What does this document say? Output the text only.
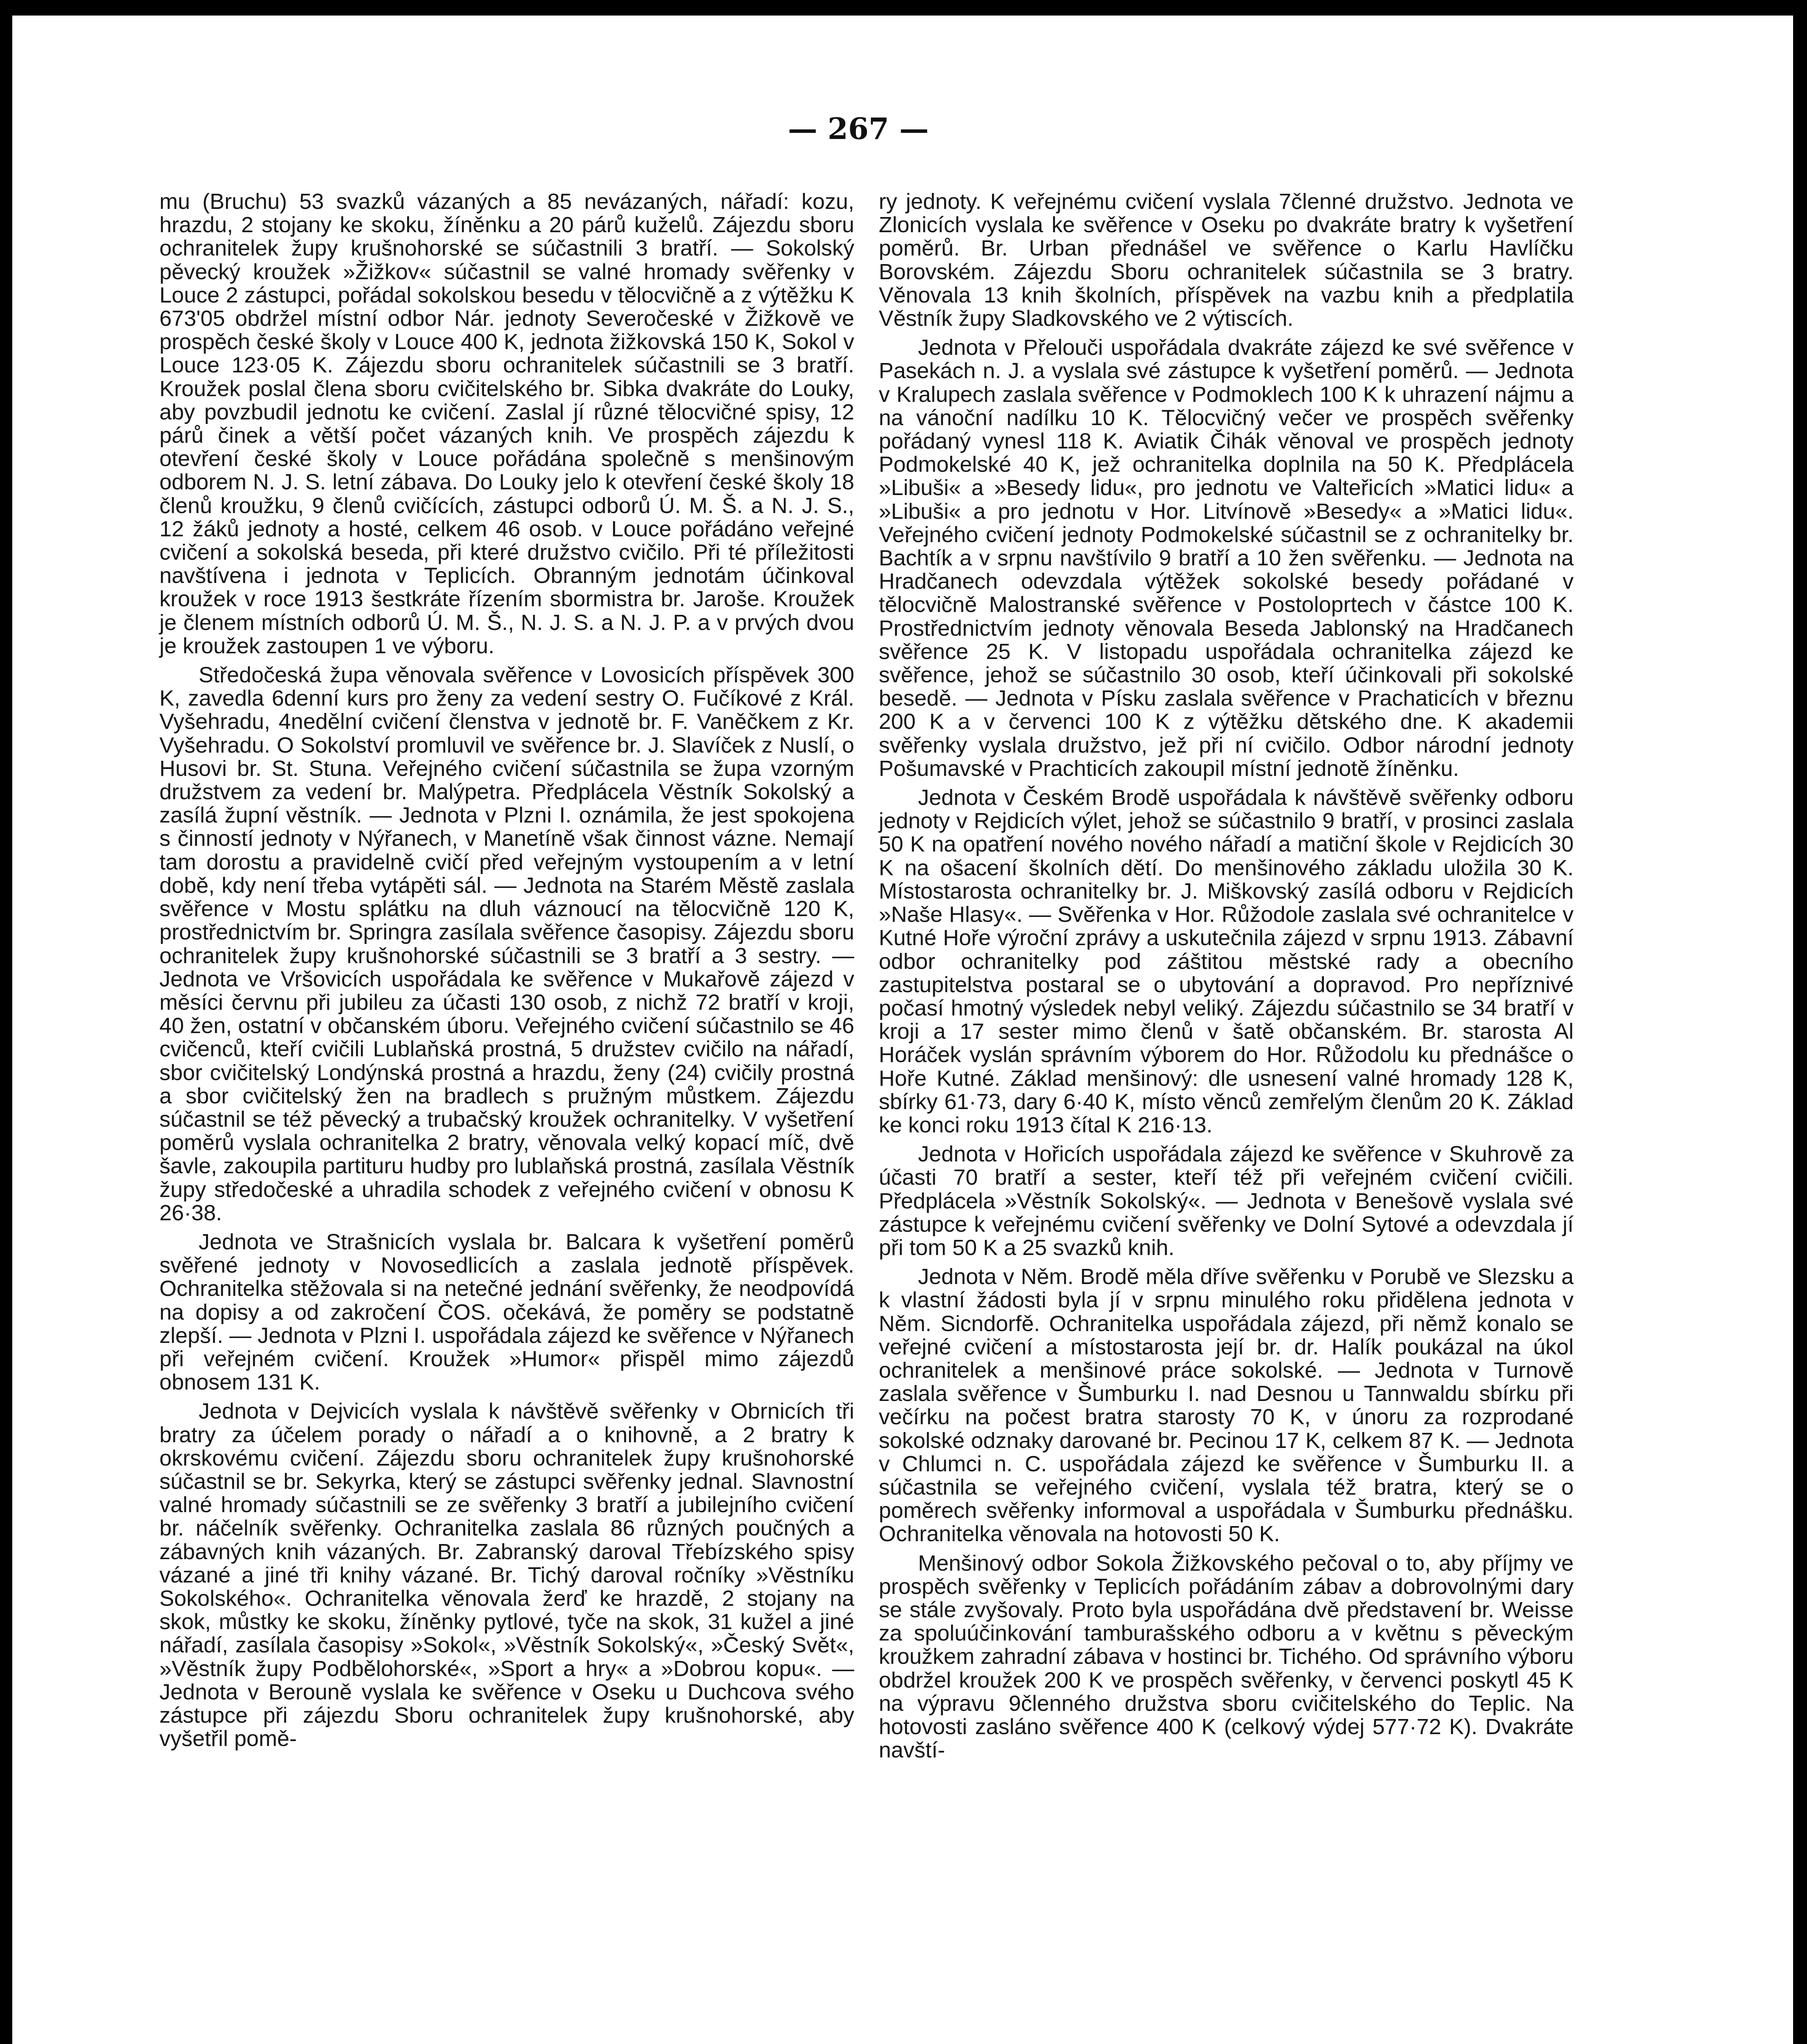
— 267 —

mu (Bruchu) 53 svazků vázaných a 85 nevázaných, nářadí: kozu, hrazdu, 2 stojany ke skoku, žíněnku a 20 párů kuželů. Zájezdu sboru ochranitelek župy krušnohorské se súčastnili 3 bratří. — Sokolský pěvecký kroužek »Žižkov« súčastnil se valné hromady svěřenky v Louce 2 zástupci, pořádal sokolskou besedu v tělocvičně a z výtěžku K 673'05 obdržel místní odbor Nár. jednoty Severočeské v Žižkově ve prospěch české školy v Louce 400 K, jednota žižkovská 150 K, Sokol v Louce 123·05 K. Zájezdu sboru ochranitelek súčastnili se 3 bratří. Kroužek poslal člena sboru cvičitelského br. Sibka dvakráte do Louky, aby povzbudil jednotu ke cvičení. Zaslal jí různé tělocvičné spisy, 12 párů činek a větší počet vázaných knih. Ve prospěch zájezdu k otevření české školy v Louce pořádána společně s menšinovým odborem N. J. S. letní zábava. Do Louky jelo k otevření české školy 18 členů kroužku, 9 členů cvičících, zástupci odborů Ú. M. Š. a N. J. S., 12 žáků jednoty a hosté, celkem 46 osob. v Louce pořádáno veřejné cvičení a sokolská beseda, při které družstvo cvičilo. Při té příležitosti navštívena i jednota v Teplicích. Obranným jednotám účinkoval kroužek v roce 1913 šestkráte řízením sbormistra br. Jaroše. Kroužek je členem místních odborů Ú. M. Š., N. J. S. a N. J. P. a v prvých dvou je kroužek zastoupen 1 ve výboru.

Středočeská župa věnovala svěřence v Lovosicích příspěvek 300 K, zavedla 6denní kurs pro ženy za vedení sestry O. Fučíkové z Král. Vyšehradu, 4nedělní cvičení členstva v jednotě br. F. Vaněčkem z Kr. Vyšehradu. O Sokolství promluvil ve svěřence br. J. Slavíček z Nuslí, o Husovi br. St. Stuna. Veřejného cvičení súčastnila se župa vzorným družstvem za vedení br. Malýpetra. Předplácela Věstník Sokolský a zasílá župní věstník. — Jednota v Plzni I. oznámila, že jest spokojena s činností jednoty v Nýřanech, v Manetíně však činnost vázne. Nemají tam dorostu a pravidelně cvičí před veřejným vystoupením a v letní době, kdy není třeba vytápěti sál. — Jednota na Starém Městě zaslala svěřence v Mostu splátku na dluh váznoucí na tělocvičně 120 K, prostřednictvím br. Springra zasílala svěřence časopisy. Zájezdu sboru ochranitelek župy krušnohorské súčastnili se 3 bratří a 3 sestry. — Jednota ve Vršovicích uspořádala ke svěřence v Mukařově zájezd v měsíci červnu při jubileu za účasti 130 osob, z nichž 72 bratří v kroji, 40 žen, ostatní v občanském úboru. Veřejného cvičení súčastnilo se 46 cvičenců, kteří cvičili Lublaňská prostná, 5 družstev cvičilo na nářadí, sbor cvičitelský Londýnská prostná a hrazdu, ženy (24) cvičily prostná a sbor cvičitelský žen na bradlech s pružným můstkem. Zájezdu súčastnil se též pěvecký a trubačský kroužek ochranitelky. V vyšetření poměrů vyslala ochranitelka 2 bratry, věnovala velký kopací míč, dvě šavle, zakoupila partituru hudby pro lublaňská prostná, zasílala Věstník župy středočeské a uhradila schodek z veřejného cvičení v obnosu K 26·38.

Jednota ve Strašnicích vyslala br. Balcara k vyšetření poměrů svěřené jednoty v Novosedlicích a zaslala jednotě příspěvek. Ochranitelka stěžovala si na netečné jednání svěřenky, že neodpovídá na dopisy a od zakročení ČOS. očekává, že poměry se podstatně zlepší. — Jednota v Plzni I. uspořádala zájezd ke svěřence v Nýřanech při veřejném cvičení. Kroužek »Humor« přispěl mimo zájezdů obnosem 131 K.

Jednota v Dejvicích vyslala k návštěvě svěřenky v Obrnicích tři bratry za účelem porady o nářadí a o knihovně, a 2 bratry k okrskovému cvičení. Zájezdu sboru ochranitelek župy krušnohorské súčastnil se br. Sekyrka, který se zástupci svěřenky jednal. Slavnostní valné hromady súčastnili se ze svěřenky 3 bratří a jubilejního cvičení br. náčelník svěřenky. Ochranitelka zaslala 86 různých poučných a zábavných knih vázaných. Br. Zabranský daroval Třebízského spisy vázané a jiné tři knihy vázané. Br. Tichý daroval ročníky »Věstníku Sokolského«. Ochranitelka věnovala žerď ke hrazdě, 2 stojany na skok, můstky ke skoku, žíněnky pytlové, tyče na skok, 31 kužel a jiné nářadí, zasílala časopisy »Sokol«, »Věstník Sokolský«, »Český Svět«, »Věstník župy Podbělohorské«, »Sport a hry« a »Dobrou kopu«. — Jednota v Berouně vyslala ke svěřence v Oseku u Duchcova svého zástupce při zájezdu Sboru ochranitelek župy krušnohorské, aby vyšetřil pomě-

ry jednoty. K veřejnému cvičení vyslala 7členné družstvo. Jednota ve Zlonicích vyslala ke svěřence v Oseku po dvakráte bratry k vyšetření poměrů. Br. Urban přednášel ve svěřence o Karlu Havlíčku Borovském. Zájezdu Sboru ochranitelek súčastnila se 3 bratry. Věnovala 13 knih školních, příspěvek na vazbu knih a předplatila Věstník župy Sladkovského ve 2 výtiscích.

Jednota v Přelouči uspořádala dvakráte zájezd ke své svěřence v Pasekách n. J. a vyslala své zástupce k vyšetření poměrů. — Jednota v Kralupech zaslala svěřence v Podmoklech 100 K k uhrazení nájmu a na vánoční nadílku 10 K. Tělocvičný večer ve prospěch svěřenky pořádaný vynesl 118 K. Aviatik Čihák věnoval ve prospěch jednoty Podmokelské 40 K, jež ochranitelka doplnila na 50 K. Předplácela »Libuši« a »Besedy lidu«, pro jednotu ve Valteřicích »Matici lidu« a »Libuši« a pro jednotu v Hor. Litvínově »Besedy« a »Matici lidu«. Veřejného cvičení jednoty Podmokelské súčastnil se z ochranitelky br. Bachtík a v srpnu navštívilo 9 bratří a 10 žen svěřenku. — Jednota na Hradčanech odevzdala výtěžek sokolské besedy pořádané v tělocvičně Malostranské svěřence v Postoloprtech v částce 100 K. Prostřednictvím jednoty věnovala Beseda Jablonský na Hradčanech svěřence 25 K. V listopadu uspořádala ochranitelka zájezd ke svěřence, jehož se súčastnilo 30 osob, kteří účinkovali při sokolské besedě. — Jednota v Písku zaslala svěřence v Prachaticích v březnu 200 K a v červenci 100 K z výtěžku dětského dne. K akademii svěřenky vyslala družstvo, jež při ní cvičilo. Odbor národní jednoty Pošumavské v Prachticích zakoupil místní jednotě žíněnku.

Jednota v Českém Brodě uspořádala k návštěvě svěřenky odboru jednoty v Rejdicích výlet, jehož se súčastnilo 9 bratří, v prosinci zaslala 50 K na opatření nového nového nářadí a matiční škole v Rejdicích 30 K na ošacení školních dětí. Do menšinového základu uložila 30 K. Místostarosta ochranitelky br. J. Miškovský zasílá odboru v Rejdicích »Naše Hlasy«. — Svěřenka v Hor. Růžodole zaslala své ochranitelce v Kutné Hoře výroční zprávy a uskutečnila zájezd v srpnu 1913. Zábavní odbor ochranitelky pod záštitou městské rady a obecního zastupitelstva postaral se o ubytování a dopravod. Pro nepříznivé počasí hmotný výsledek nebyl veliký. Zájezdu súčastnilo se 34 bratří v kroji a 17 sester mimo členů v šatě občanském. Br. starosta Al Horáček vyslán správním výborem do Hor. Růžodolu ku přednášce o Hoře Kutné. Základ menšinový: dle usnesení valné hromady 128 K, sbírky 61·73, dary 6·40 K, místo věnců zemřelým členům 20 K. Základ ke konci roku 1913 čítal K 216·13.

Jednota v Hořicích uspořádala zájezd ke svěřence v Skuhrově za účasti 70 bratří a sester, kteří též při veřejném cvičení cvičili. Předplácela »Věstník Sokolský«. — Jednota v Benešově vyslala své zástupce k veřejnému cvičení svěřenky ve Dolní Sytové a odevzdala jí při tom 50 K a 25 svazků knih.

Jednota v Něm. Brodě měla dříve svěřenku v Porubě ve Slezsku a k vlastní žádosti byla jí v srpnu minulého roku přidělena jednota v Něm. Sicndorfě. Ochranitelka uspořádala zájezd, při němž konalo se veřejné cvičení a místostarosta její br. dr. Halík poukázal na úkol ochranitelek a menšinové práce sokolské. — Jednota v Turnově zaslala svěřence v Šumburku I. nad Desnou u Tannwaldu sbírku při večírku na počest bratra starosty 70 K, v únoru za rozprodané sokolské odznaky darované br. Pecinou 17 K, celkem 87 K. — Jednota v Chlumci n. C. uspořádala zájezd ke svěřence v Šumburku II. a súčastnila se veřejného cvičení, vyslala též bratra, který se o poměrech svěřenky informoval a uspořádala v Šumburku přednášku. Ochranitelka věnovala na hotovosti 50 K.

Menšinový odbor Sokola Žižkovského pečoval o to, aby příjmy ve prospěch svěřenky v Teplicích pořádáním zábav a dobrovolnými dary se stále zvyšovaly. Proto byla uspořádána dvě představení br. Weisse za spoluúčinkování tamburašského odboru a v květnu s pěveckým kroužkem zahradní zábava v hostinci br. Tichého. Od správního výboru obdržel kroužek 200 K ve prospěch svěřenky, v červenci poskytl 45 K na výpravu 9členného družstva sboru cvičitelského do Teplic. Na hotovosti zasláno svěřence 400 K (celkový výdej 577·72 K). Dvakráte navští-
